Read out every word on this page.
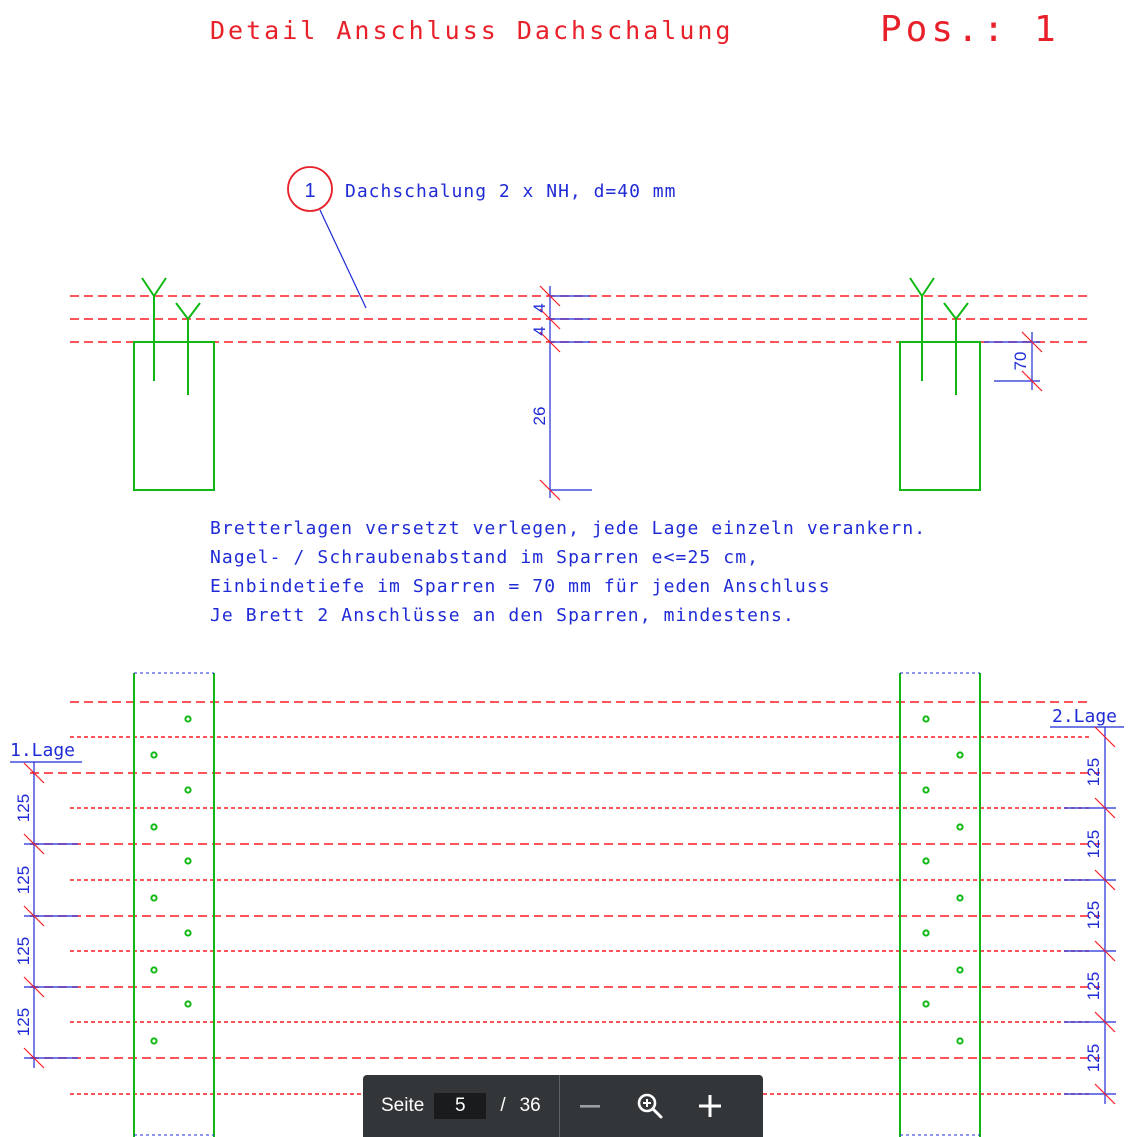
Detail Anschluss Dachschalung	Pos.: 1
1 Dachschalung 2 x NH, d=40 mm
4
4
26
70
Bretterlagen versetzt verlegen, jede Lage einzeln verankern.
Nagel- / Schraubenabstand im Sparren e<=25 cm,
Einbindetiefe im Sparren = 70 mm für jeden Anschluss
Je Brett 2 Anschlüsse an den Sparren, mindestens.
1.Lage
125
125
125
125
2.Lage
125
125
125
125
125
Seite
5	/ 36
